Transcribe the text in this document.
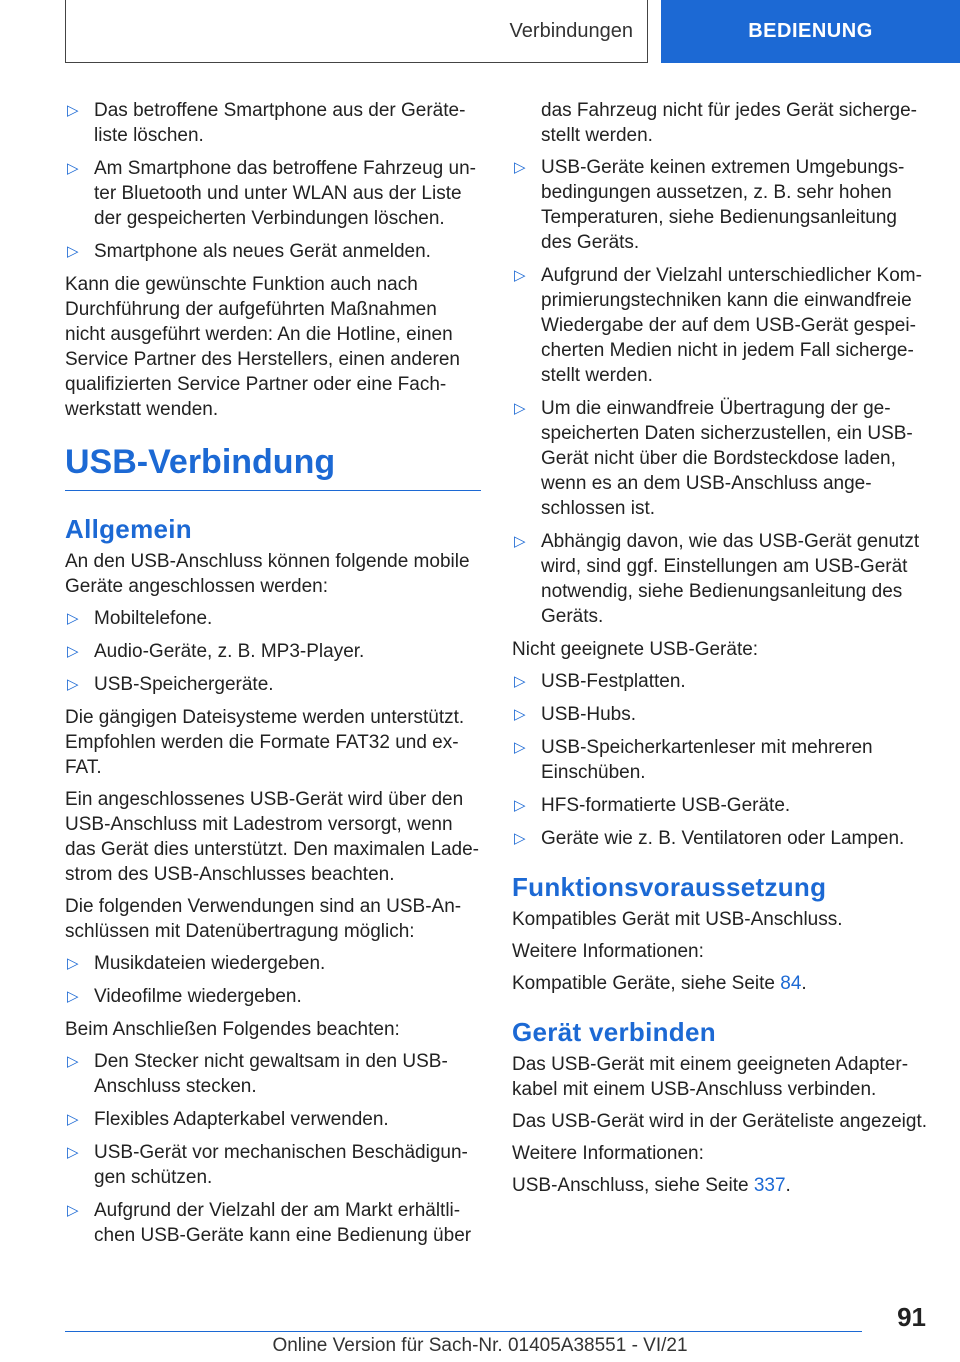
Verbindungen	BEDIENUNG
▷ Das betroffene Smartphone aus der Geräte-liste löschen.
▷ Am Smartphone das betroffene Fahrzeug un-ter Bluetooth und unter WLAN aus der Liste der gespeicherten Verbindungen löschen.
▷ Smartphone als neues Gerät anmelden.

Kann die gewünschte Funktion auch nach Durchführung der aufgeführten Maßnahmen nicht ausgeführt werden: An die Hotline, einen Service Partner des Herstellers, einen anderen qualifizierten Service Partner oder eine Fach-werkstatt wenden.

USB-Verbindung
Allgemein

An den USB-Anschluss können folgende mobile Geräte angeschlossen werden:

▷ Mobiltelefone.
▷ Audio-Geräte, z. B. MP3-Player.
▷ USB-Speichergeräte.

Die gängigen Dateisysteme werden unterstützt. Empfohlen werden die Formate FAT32 und ex-FAT.

Ein angeschlossenes USB-Gerät wird über den USB-Anschluss mit Ladestrom versorgt, wenn das Gerät dies unterstützt. Den maximalen Lade-strom des USB-Anschlusses beachten.

Die folgenden Verwendungen sind an USB-An-schlüssen mit Datenübertragung möglich:

▷ Musikdateien wiedergeben.
▷ Videofilme wiedergeben.

Beim Anschließen Folgendes beachten:

▷ Den Stecker nicht gewaltsam in den USB-Anschluss stecken.
▷ Flexibles Adapterkabel verwenden.
▷ USB-Gerät vor mechanischen Beschädigun-gen schützen.
▷ Aufgrund der Vielzahl der am Markt erhältli-chen USB-Geräte kann eine Bedienung über

das Fahrzeug nicht für jedes Gerät sicherge-stellt werden.

▷ USB-Geräte keinen extremen Umgebungs-bedingungen aussetzen, z. B. sehr hohen Temperaturen, siehe Bedienungsanleitung des Geräts.
▷ Aufgrund der Vielzahl unterschiedlicher Kom-primierungstechniken kann die einwandfreie Wiedergabe der auf dem USB-Gerät gespei-cherten Medien nicht in jedem Fall sicherge-stellt werden.
▷ Um die einwandfreie Übertragung der ge-speicherten Daten sicherzustellen, ein USB-Gerät nicht über die Bordsteckdose laden, wenn es an dem USB-Anschluss ange-schlossen ist.
▷ Abhängig davon, wie das USB-Gerät genutzt wird, sind ggf. Einstellungen am USB-Gerät notwendig, siehe Bedienungsanleitung des Geräts.

Nicht geeignete USB-Geräte:

▷ USB-Festplatten.
▷ USB-Hubs.
▷ USB-Speicherkartenleser mit mehreren Einschüben.
▷ HFS-formatierte USB-Geräte.
▷ Geräte wie z. B. Ventilatoren oder Lampen.
Funktionsvoraussetzung

Kompatibles Gerät mit USB-Anschluss.

Weitere Informationen:

Kompatible Geräte, siehe Seite 84.

Gerät verbinden

Das USB-Gerät mit einem geeigneten Adapter-kabel mit einem USB-Anschluss verbinden.

Das USB-Gerät wird in der Geräteliste angezeigt.

Weitere Informationen:

USB-Anschluss, siehe Seite 337.

91
Online Version für Sach-Nr. 01405A38551 - VI/21
